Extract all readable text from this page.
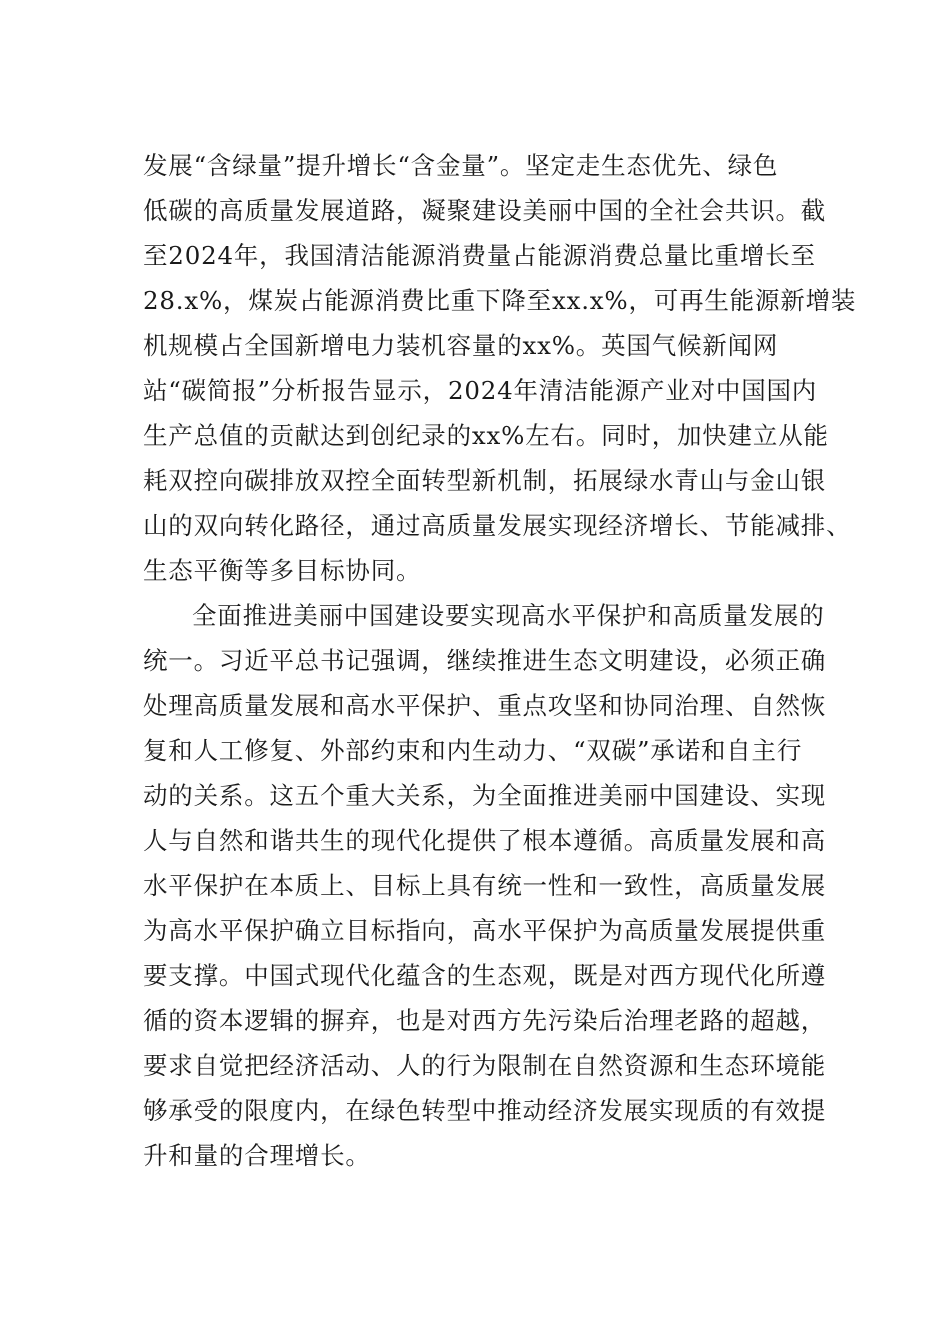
发展“含绿量”提升增长“含金量”。坚定走生态优先、绿色
低碳的高质量发展道路，凝聚建设美丽中国的全社会共识。截
至2024年，我国清洁能源消费量占能源消费总量比重增长至
28.x%，煤炭占能源消费比重下降至xx.x%，可再生能源新增装
机规模占全国新增电力装机容量的xx%。英国气候新闻网
站“碳简报”分析报告显示，2024年清洁能源产业对中国国内
生产总值的贡献达到创纪录的xx%左右。同时，加快建立从能
耗双控向碳排放双控全面转型新机制，拓展绿水青山与金山银
山的双向转化路径，通过高质量发展实现经济增长、节能减排、
生态平衡等多目标协同。
全面推进美丽中国建设要实现高水平保护和高质量发展的
统一。习近平总书记强调，继续推进生态文明建设，必须正确
处理高质量发展和高水平保护、重点攻坚和协同治理、自然恢
复和人工修复、外部约束和内生动力、“双碳”承诺和自主行
动的关系。这五个重大关系，为全面推进美丽中国建设、实现
人与自然和谐共生的现代化提供了根本遵循。高质量发展和高
水平保护在本质上、目标上具有统一性和一致性，高质量发展
为高水平保护确立目标指向，高水平保护为高质量发展提供重
要支撑。中国式现代化蕴含的生态观，既是对西方现代化所遵
循的资本逻辑的摒弃，也是对西方先污染后治理老路的超越，
要求自觉把经济活动、人的行为限制在自然资源和生态环境能
够承受的限度内，在绿色转型中推动经济发展实现质的有效提
升和量的合理增长。
